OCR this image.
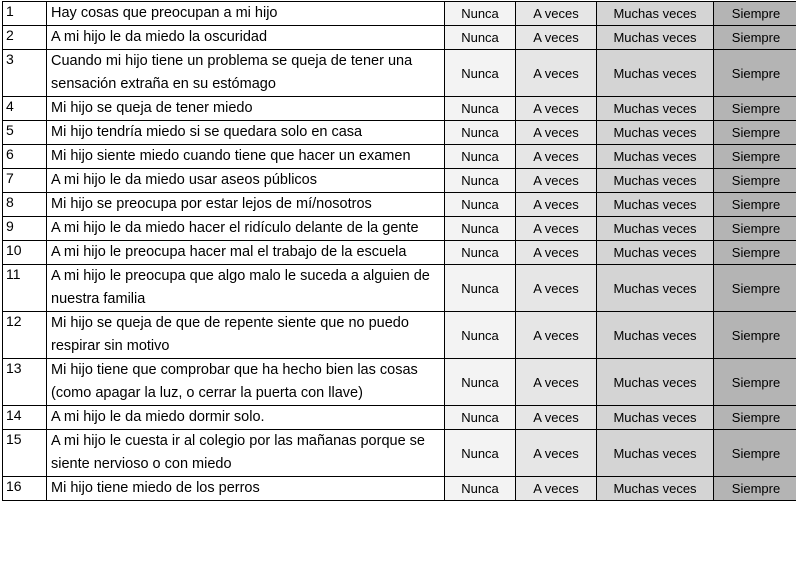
1	Hay cosas que preocupan a mi hijo	Nunca	A veces	Muchas veces	Siempre
2	A mi hijo le da miedo la oscuridad	Nunca	A veces	Muchas veces	Siempre
3	Cuando mi hijo tiene un problema se queja de tener una sensación extraña en su estómago	Nunca	A veces	Muchas veces	Siempre
4	Mi hijo se queja de tener miedo	Nunca	A veces	Muchas veces	Siempre
5	Mi hijo tendría miedo si se quedara solo en casa	Nunca	A veces	Muchas veces	Siempre
6	Mi hijo siente miedo cuando tiene que hacer un examen	Nunca	A veces	Muchas veces	Siempre
7	A mi hijo le da miedo usar aseos públicos	Nunca	A veces	Muchas veces	Siempre
8	Mi hijo se preocupa por estar lejos de mí/nosotros	Nunca	A veces	Muchas veces	Siempre
9	A mi hijo le da miedo hacer el ridículo delante de la gente	Nunca	A veces	Muchas veces	Siempre
10	A mi hijo le preocupa hacer mal el trabajo de la escuela	Nunca	A veces	Muchas veces	Siempre
11	A mi hijo le preocupa que algo malo le suceda a alguien de nuestra familia	Nunca	A veces	Muchas veces	Siempre
12	Mi hijo se queja de que de repente siente que no puedo respirar sin motivo	Nunca	A veces	Muchas veces	Siempre
13	Mi hijo tiene que comprobar que ha hecho bien las cosas (como apagar la luz, o cerrar la puerta con llave)	Nunca	A veces	Muchas veces	Siempre
14	A mi hijo le da miedo dormir solo.	Nunca	A veces	Muchas veces	Siempre
15	A mi hijo le cuesta ir al colegio por las mañanas porque se siente nervioso o con miedo	Nunca	A veces	Muchas veces	Siempre
16	Mi hijo tiene miedo de los perros	Nunca	A veces	Muchas veces	Siempre
